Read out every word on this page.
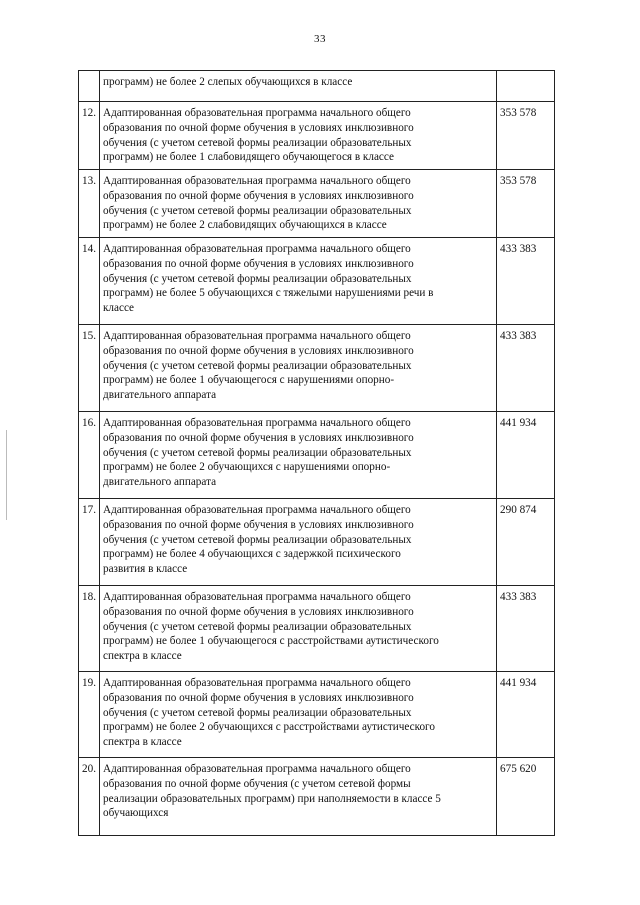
33

	программ) не более 2 слепых обучающихся в классе	

12.	Адаптированная образовательная программа начального общего
образования по очной форме обучения в условиях инклюзивного
обучения (с учетом сетевой формы реализации образовательных
программ) не более 1 слабовидящего обучающегося в классе	353 578
13.	Адаптированная образовательная программа начального общего
образования по очной форме обучения в условиях инклюзивного
обучения (с учетом сетевой формы реализации образовательных
программ) не более 2 слабовидящих обучающихся в классе	353 578
14.	Адаптированная образовательная программа начального общего
образования по очной форме обучения в условиях инклюзивного
обучения (с учетом сетевой формы реализации образовательных
программ) не более 5 обучающихся с тяжелыми нарушениями речи в
классе	433 383
15.	Адаптированная образовательная программа начального общего
образования по очной форме обучения в условиях инклюзивного
обучения (с учетом сетевой формы реализации образовательных
программ) не более 1 обучающегося с нарушениями опорно-
двигательного аппарата	433 383
16.	Адаптированная образовательная программа начального общего
образования по очной форме обучения в условиях инклюзивного
обучения (с учетом сетевой формы реализации образовательных
программ) не более 2 обучающихся с нарушениями опорно-
двигательного аппарата	441 934
17.	Адаптированная образовательная программа начального общего
образования по очной форме обучения в условиях инклюзивного
обучения (с учетом сетевой формы реализации образовательных
программ) не более 4 обучающихся с задержкой психического
развития в классе	290 874
18.	Адаптированная образовательная программа начального общего
образования по очной форме обучения в условиях инклюзивного
обучения (с учетом сетевой формы реализации образовательных
программ) не более 1 обучающегося с расстройствами аутистического
спектра в классе	433 383
19.	Адаптированная образовательная программа начального общего
образования по очной форме обучения в условиях инклюзивного
обучения (с учетом сетевой формы реализации образовательных
программ) не более 2 обучающихся с расстройствами аутистического
спектра в классе	441 934
20.	Адаптированная образовательная программа начального общего
образования по очной форме обучения (с учетом сетевой формы
реализации образовательных программ) при наполняемости в классе 5
обучающихся	675 620
